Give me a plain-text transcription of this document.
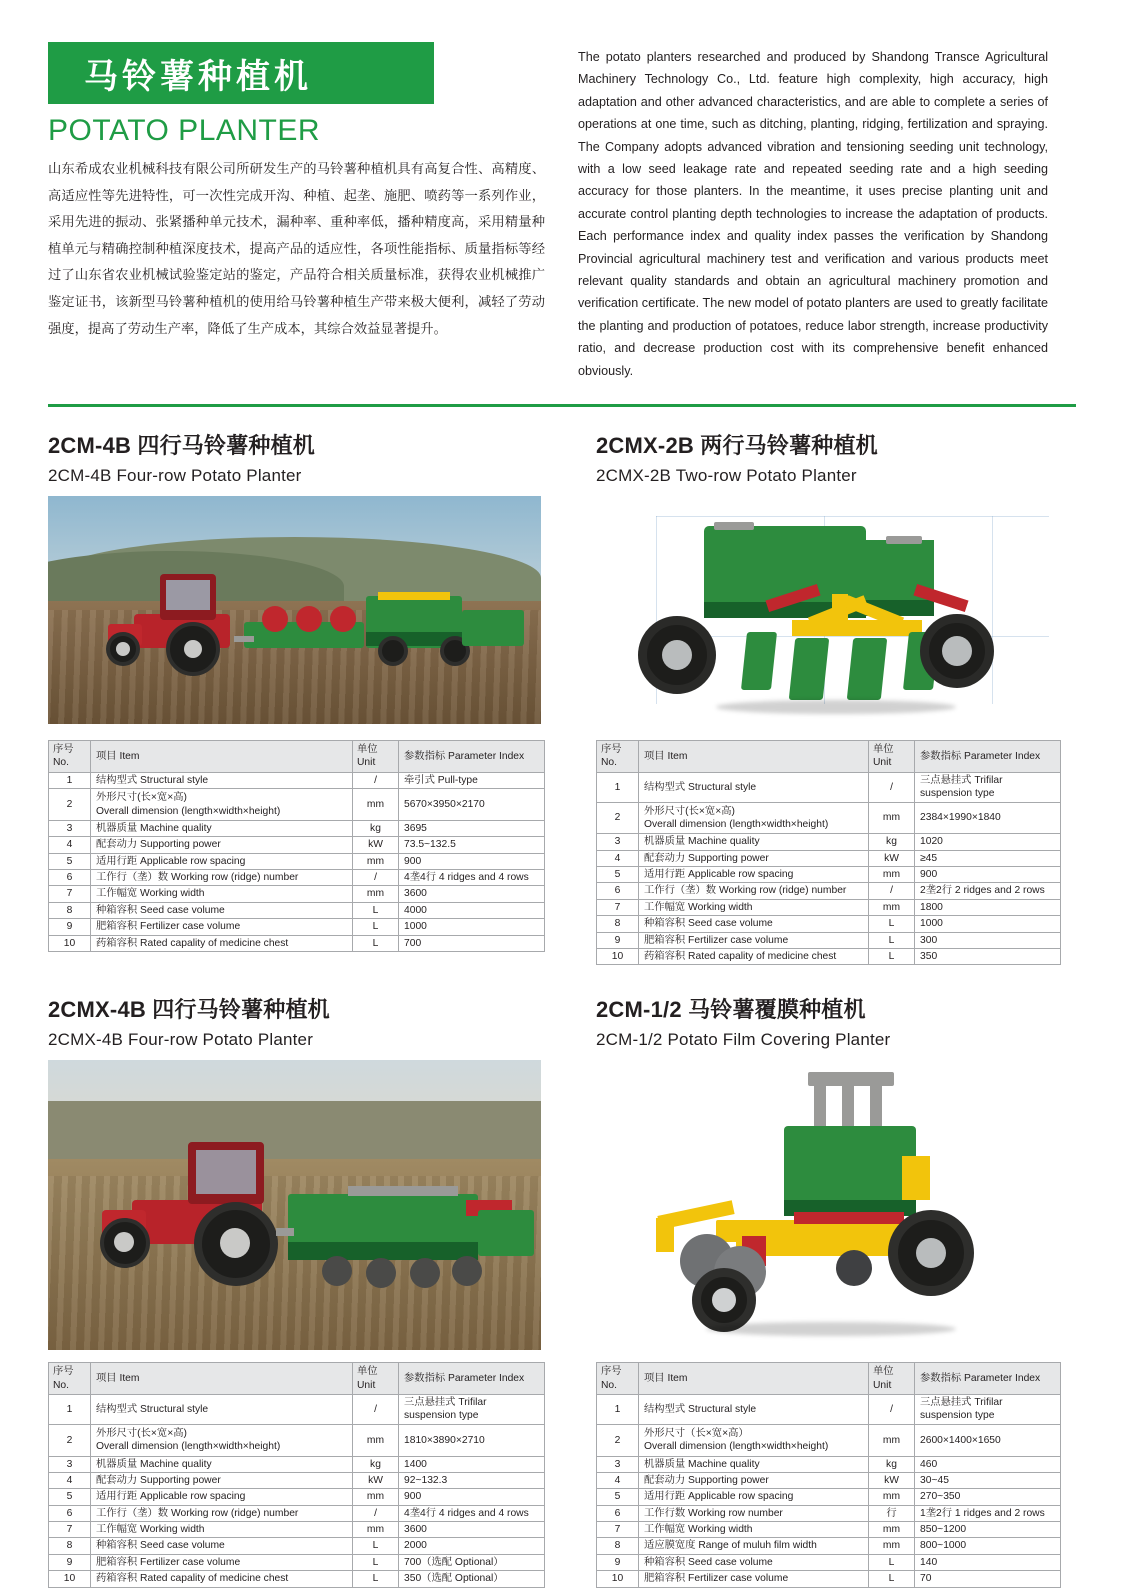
马铃薯种植机
POTATO PLANTER
山东希成农业机械科技有限公司所研发生产的马铃薯种植机具有高复合性、高精度、高适应性等先进特性，可一次性完成开沟、种植、起垄、施肥、喷药等一系列作业，采用先进的振动、张紧播种单元技术，漏种率、重种率低，播种精度高，采用精量种植单元与精确控制种植深度技术，提高产品的适应性，各项性能指标、质量指标等经过了山东省农业机械试验鉴定站的鉴定，产品符合相关质量标准，获得农业机械推广鉴定证书，该新型马铃薯种植机的使用给马铃薯种植生产带来极大便利，减轻了劳动强度，提高了劳动生产率，降低了生产成本，其综合效益显著提升。
The potato planters researched and produced by Shandong Transce Agricultural Machinery Technology Co., Ltd. feature high complexity, high accuracy, high adaptation and other advanced characteristics, and are able to complete a series of operations at one time, such as ditching, planting, ridging, fertilization and spraying. The Company adopts advanced vibration and tensioning seeding unit technology, with a low seed leakage rate and repeated seeding rate and a high seeding accuracy for those planters. In the meantime, it uses precise planting unit and accurate control planting depth technologies to increase the adaptation of products. Each performance index and quality index passes the verification by Shandong Provincial agricultural machinery test and verification and various products meet relevant quality standards and obtain an agricultural machinery promotion and verification certificate. The new model of potato planters are used to greatly facilitate the planting and production of potatoes, reduce labor strength, increase productivity ratio, and decrease production cost with its comprehensive benefit enhanced obviously.
2CM-4B 四行马铃薯种植机
2CM-4B Four-row Potato Planter
序号 No.	项目 Item	单位 Unit	参数指标 Parameter Index
1	结构型式 Structural style	/	牵引式 Pull-type
2	外形尺寸(长×宽×高)
Overall dimension (length×width×height)	mm	5670×3950×2170
3	机器质量 Machine quality	kg	3695
4	配套动力 Supporting power	kW	73.5~132.5
5	适用行距 Applicable row spacing	mm	900
6	工作行（垄）数 Working row (ridge) number	/	4垄4行 4 ridges and 4 rows
7	工作幅宽 Working width	mm	3600
8	种箱容积 Seed case volume	L	4000
9	肥箱容积 Fertilizer case volume	L	1000
10	药箱容积 Rated capality of medicine chest	L	700
2CMX-2B 两行马铃薯种植机
2CMX-2B Two-row Potato Planter
序号 No.	项目 Item	单位 Unit	参数指标 Parameter Index
1	结构型式 Structural style	/	三点悬挂式 Trifilar suspension type
2	外形尺寸(长×宽×高)
Overall dimension (length×width×height)	mm	2384×1990×1840
3	机器质量 Machine quality	kg	1020
4	配套动力 Supporting power	kW	≥45
5	适用行距 Applicable row spacing	mm	900
6	工作行（垄）数 Working row (ridge) number	/	2垄2行 2 ridges and 2 rows
7	工作幅宽 Working width	mm	1800
8	种箱容积 Seed case volume	L	1000
9	肥箱容积 Fertilizer case volume	L	300
10	药箱容积 Rated capality of medicine chest	L	350
2CMX-4B 四行马铃薯种植机
2CMX-4B Four-row Potato Planter
序号 No.	项目 Item	单位 Unit	参数指标 Parameter Index
1	结构型式 Structural style	/	三点悬挂式 Trifilar suspension type
2	外形尺寸(长×宽×高)
Overall dimension (length×width×height)	mm	1810×3890×2710
3	机器质量 Machine quality	kg	1400
4	配套动力 Supporting power	kW	92~132.3
5	适用行距 Applicable row spacing	mm	900
6	工作行（垄）数 Working row (ridge) number	/	4垄4行 4 ridges and 4 rows
7	工作幅宽 Working width	mm	3600
8	种箱容积 Seed case volume	L	2000
9	肥箱容积 Fertilizer case volume	L	700（选配 Optional）
10	药箱容积 Rated capality of medicine chest	L	350（选配 Optional）
2CM-1/2 马铃薯覆膜种植机
2CM-1/2 Potato Film Covering Planter
序号 No.	项目 Item	单位 Unit	参数指标 Parameter Index
1	结构型式 Structural style	/	三点悬挂式 Trifilar suspension type
2	外形尺寸（长×宽×高）
Overall dimension (length×width×height)	mm	2600×1400×1650
3	机器质量 Machine quality	kg	460
4	配套动力 Supporting power	kW	30~45
5	适用行距 Applicable row spacing	mm	270~350
6	工作行数 Working row number	行	1垄2行 1 ridges and 2 rows
7	工作幅宽 Working width	mm	850~1200
8	适应膜宽度 Range of muluh film width	mm	800~1000
9	种箱容积 Seed case volume	L	140
10	肥箱容积 Fertilizer case volume	L	70
